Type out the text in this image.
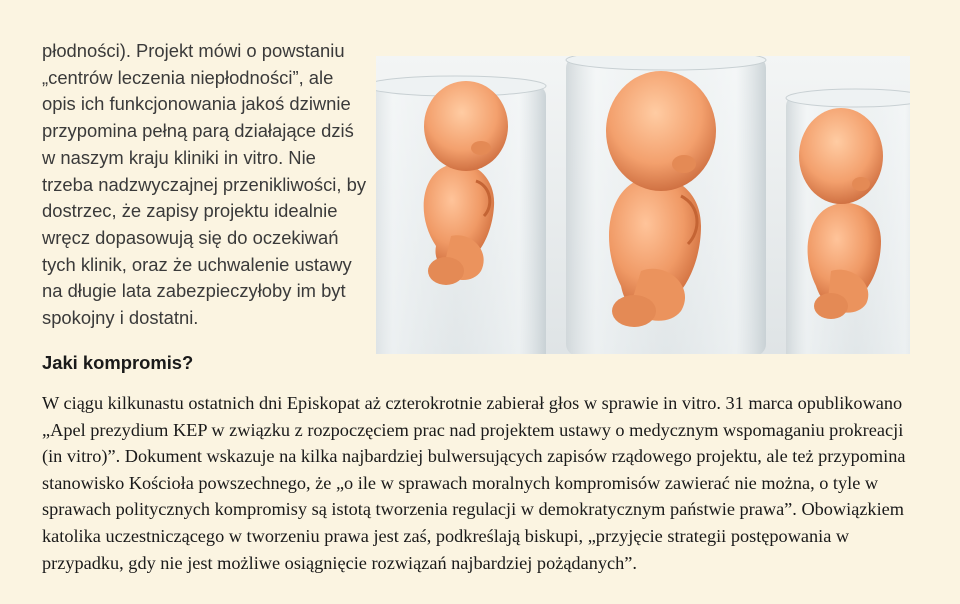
płodności). Projekt mówi o powstaniu „centrów leczenia niepłodności”, ale opis ich funkcjonowania jakoś dziwnie przypomina pełną parą działające dziś w naszym kraju kliniki in vitro. Nie trzeba nadzwyczajnej przenikliwości, by dostrzec, że zapisy projektu idealnie wręcz dopasowują się do oczekiwań tych klinik, oraz że uchwalenie ustawy na długie lata zabezpieczyłoby im byt spokojny i dostatni.

Jaki kompromis?

W ciągu kilkunastu ostatnich dni Episkopat aż czterokrotnie zabierał głos w sprawie in vitro. 31 marca opublikowano „Apel prezydium KEP w związku z rozpoczęciem prac nad projektem ustawy o medycznym wspomaganiu prokreacji (in vitro)”. Dokument wskazuje na kilka najbardziej bulwersujących zapisów rządowego projektu, ale też przypomina stanowisko Kościoła powszechnego, że „o ile w sprawach moralnych kompromisów zawierać nie można, o tyle w sprawach politycznych kompromisy są istotą tworzenia regulacji w demokratycznym państwie prawa”. Obowiązkiem katolika uczestniczącego w tworzeniu prawa jest zaś, podkreślają biskupi, „przyjęcie strategii postępowania w przypadku, gdy nie jest możliwe osiągnięcie rozwiązań najbardziej pożądanych”.
